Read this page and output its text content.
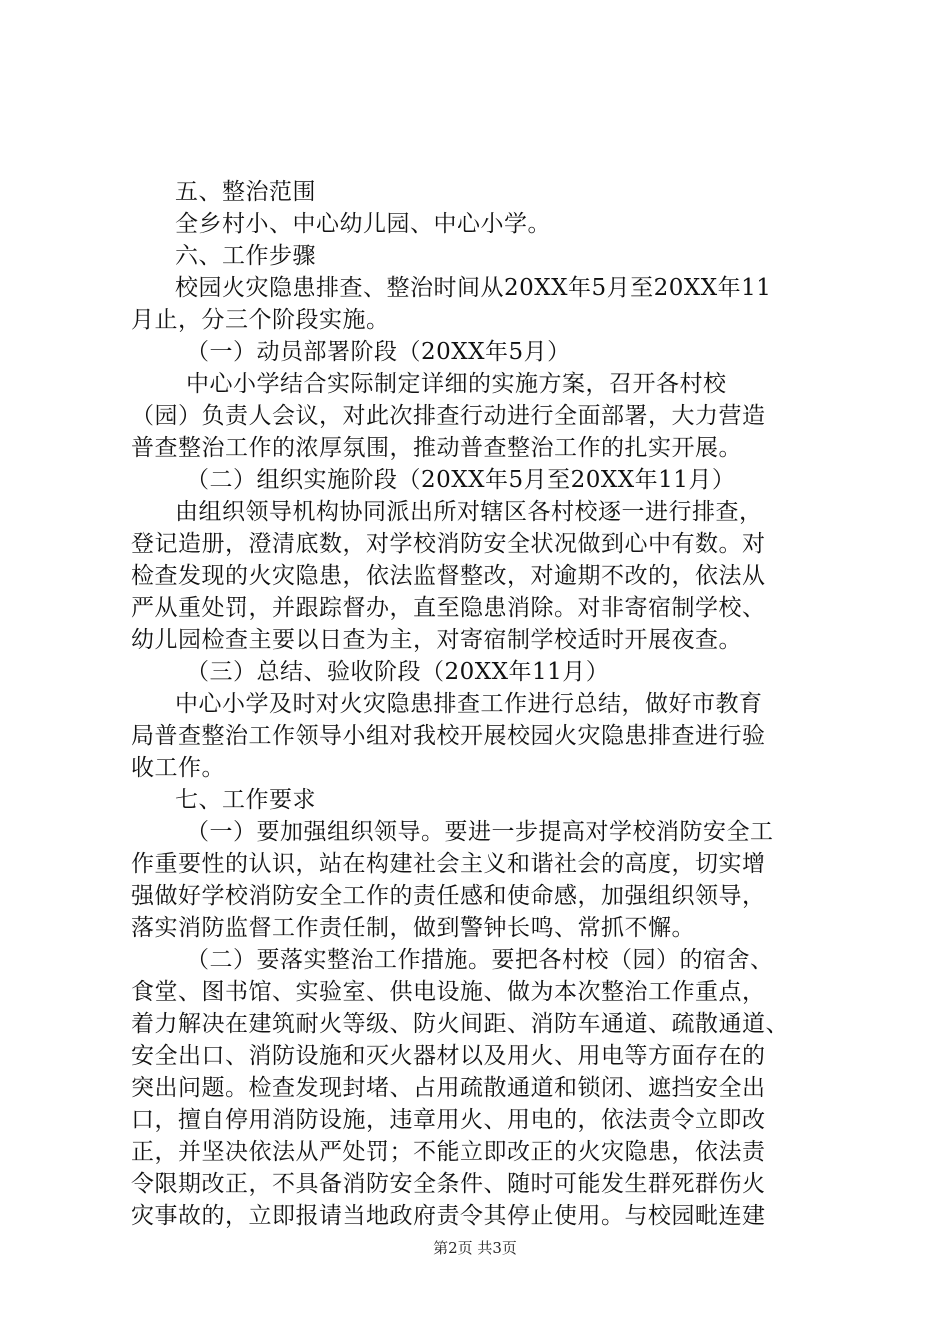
五、整治范围
全乡村小、中心幼儿园、中心小学。
六、工作步骤
校园火灾隐患排查、整治时间从20XX年5月至20XX年11
月止，分三个阶段实施。
（一）动员部署阶段（20XX年5月）
中心小学结合实际制定详细的实施方案，召开各村校
（园）负责人会议，对此次排查行动进行全面部署，大力营造
普查整治工作的浓厚氛围，推动普查整治工作的扎实开展。
（二）组织实施阶段（20XX年5月至20XX年11月）
由组织领导机构协同派出所对辖区各村校逐一进行排查，
登记造册，澄清底数，对学校消防安全状况做到心中有数。对
检查发现的火灾隐患，依法监督整改，对逾期不改的，依法从
严从重处罚，并跟踪督办，直至隐患消除。对非寄宿制学校、
幼儿园检查主要以日查为主，对寄宿制学校适时开展夜查。
（三）总结、验收阶段（20XX年11月）
中心小学及时对火灾隐患排查工作进行总结，做好市教育
局普查整治工作领导小组对我校开展校园火灾隐患排查进行验
收工作。
七、工作要求
（一）要加强组织领导。要进一步提高对学校消防安全工
作重要性的认识，站在构建社会主义和谐社会的高度，切实增
强做好学校消防安全工作的责任感和使命感，加强组织领导，
落实消防监督工作责任制，做到警钟长鸣、常抓不懈。
（二）要落实整治工作措施。要把各村校（园）的宿舍、
食堂、图书馆、实验室、供电设施、做为本次整治工作重点，
着力解决在建筑耐火等级、防火间距、消防车通道、疏散通道、
安全出口、消防设施和灭火器材以及用火、用电等方面存在的
突出问题。检查发现封堵、占用疏散通道和锁闭、遮挡安全出
口，擅自停用消防设施，违章用火、用电的，依法责令立即改
正，并坚决依法从严处罚；不能立即改正的火灾隐患，依法责
令限期改正，不具备消防安全条件、随时可能发生群死群伤火
灾事故的，立即报请当地政府责令其停止使用。与校园毗连建
第2页 共3页
